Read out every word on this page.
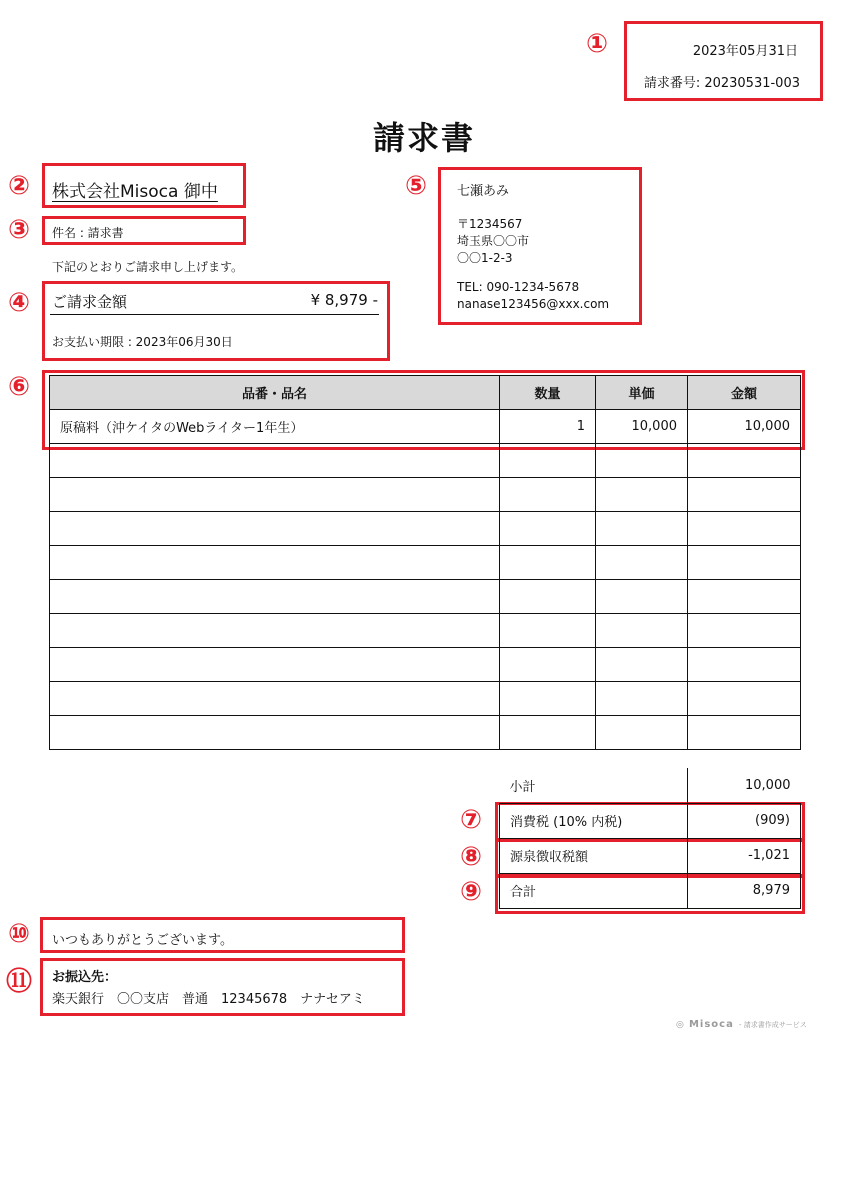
①
②
③
④
⑤
⑥
⑦
⑧
⑨
⑩
⑪
2023年05月31日
請求番号: 20230531-003
請求書
株式会社Misoca 御中
件名 : 請求書
下記のとおりご請求申し上げます。
ご請求金額	¥ 8,979 -
お支払い期限 : 2023年06月30日
七瀬あみ
〒1234567
埼玉県〇〇市
〇〇1-2-3
TEL: 090-1234-5678
nanase123456@xxx.com
品番・品名	数量	単価	金額
原稿料（沖ケイタのWebライター1年生）	1	10,000	10,000

小計	10,000
消費税 (10% 内税)	(909)
源泉徴収税額	-1,021
合計	8,979
いつもありがとうございます。
お振込先：
楽天銀行　〇〇支店　普通　12345678　ナナセアミ
◎ Misoca - 請求書作成サービス
